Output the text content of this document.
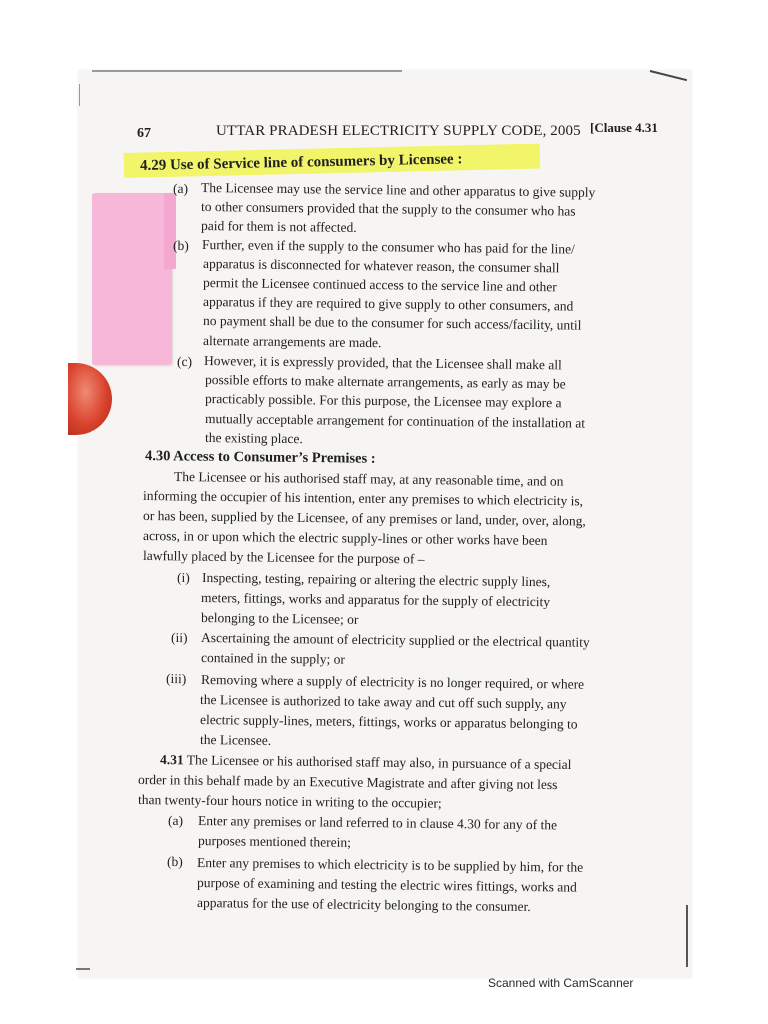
67	UTTAR PRADESH ELECTRICITY SUPPLY CODE, 2005 [Clause 4.31
4.29 Use of Service line of consumers by Licensee :
(a) The Licensee may use the service line and other apparatus to give supply
to other consumers provided that the supply to the consumer who has
paid for them is not affected.
(b) Further, even if the supply to the consumer who has paid for the line/
apparatus is disconnected for whatever reason, the consumer shall
permit the Licensee continued access to the service line and other
apparatus if they are required to give supply to other consumers, and
no payment shall be due to the consumer for such access/facility, until
alternate arrangements are made.
(c) However, it is expressly provided, that the Licensee shall make all
possible efforts to make alternate arrangements, as early as may be
practicably possible. For this purpose, the Licensee may explore a
mutually acceptable arrangement for continuation of the installation at
the existing place.
4.30 Access to Consumer’s Premises :
The Licensee or his authorised staff may, at any reasonable time, and on
informing the occupier of his intention, enter any premises to which electricity is,
or has been, supplied by the Licensee, of any premises or land, under, over, along,
across, in or upon which the electric supply-lines or other works have been
lawfully placed by the Licensee for the purpose of –
(i) Inspecting, testing, repairing or altering the electric supply lines,
meters, fittings, works and apparatus for the supply of electricity
belonging to the Licensee; or
(ii) Ascertaining the amount of electricity supplied or the electrical quantity
contained in the supply; or
(iii) Removing where a supply of electricity is no longer required, or where
the Licensee is authorized to take away and cut off such supply, any
electric supply-lines, meters, fittings, works or apparatus belonging to
the Licensee.
4.31 The Licensee or his authorised staff may also, in pursuance of a special
order in this behalf made by an Executive Magistrate and after giving not less
than twenty-four hours notice in writing to the occupier;
(a) Enter any premises or land referred to in clause 4.30 for any of the
purposes mentioned therein;
(b) Enter any premises to which electricity is to be supplied by him, for the
purpose of examining and testing the electric wires fittings, works and
apparatus for the use of electricity belonging to the consumer.
Scanned with CamScanner
